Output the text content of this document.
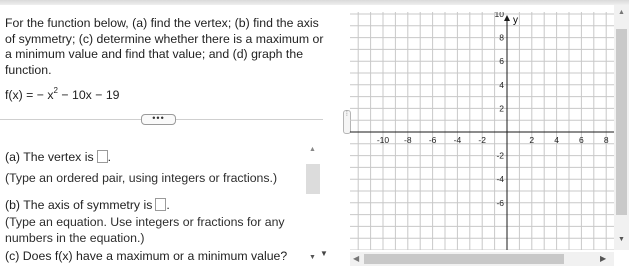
For the function below, (a) find the vertex; (b) find the axis of symmetry; (c) determine whether there is a maximum or a minimum value and find that value; and (d) graph the function.

f(x) = − $x^2 - 10x - 19$
•••
▲
▼

(a) The vertex is .

(Type an ordered pair, using integers or fractions.)

(b) The axis of symmetry is .

(Type an equation. Use integers or fractions for any numbers in the equation.)

(c) Does f(x) have a maximum or a minimum value?	▼
⋮
y
-10 -8 -6 -4 -2	2 4 6 8
10
8
6
4
2
-2
-4
-6
▲
▼
◀	▶
